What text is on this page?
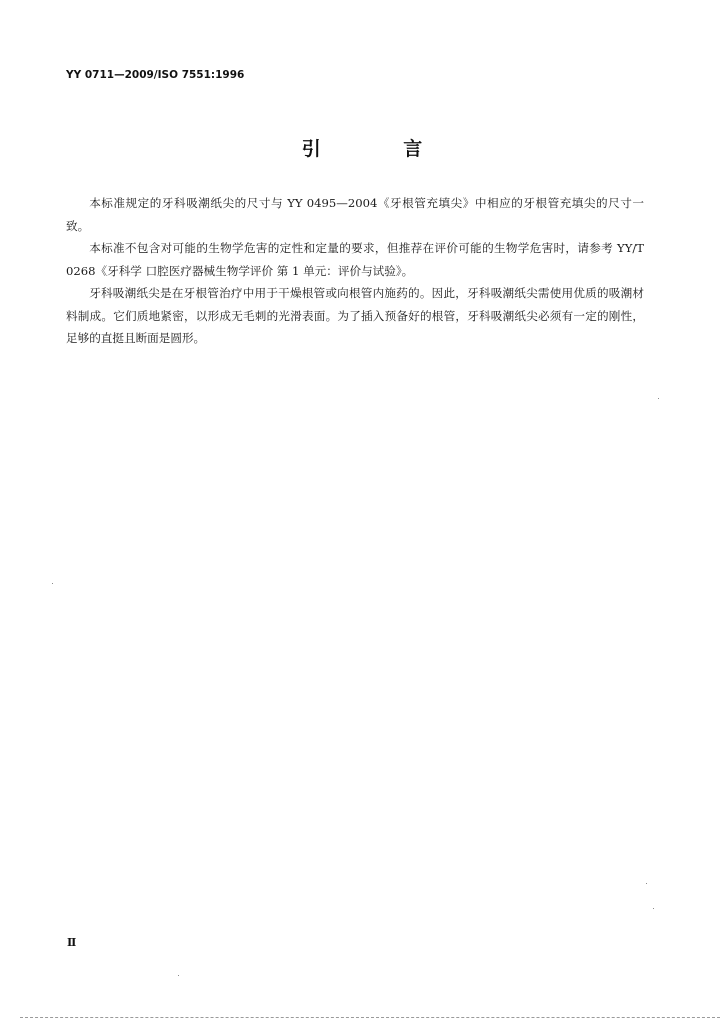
YY 0711—2009/ISO 7551:1996
引 言

本标准规定的牙科吸潮纸尖的尺寸与 YY 0495—2004《牙根管充填尖》中相应的牙根管充填尖的尺寸一致。

本标准不包含对可能的生物学危害的定性和定量的要求，但推荐在评价可能的生物学危害时，请参考 YY/T 0268《牙科学 口腔医疗器械生物学评价 第 1 单元：评价与试验》。

牙科吸潮纸尖是在牙根管治疗中用于干燥根管或向根管内施药的。因此，牙科吸潮纸尖需使用优质的吸潮材料制成。它们质地紧密，以形成无毛刺的光滑表面。为了插入预备好的根管，牙科吸潮纸尖必须有一定的刚性，足够的直挺且断面是圆形。

Ⅱ
